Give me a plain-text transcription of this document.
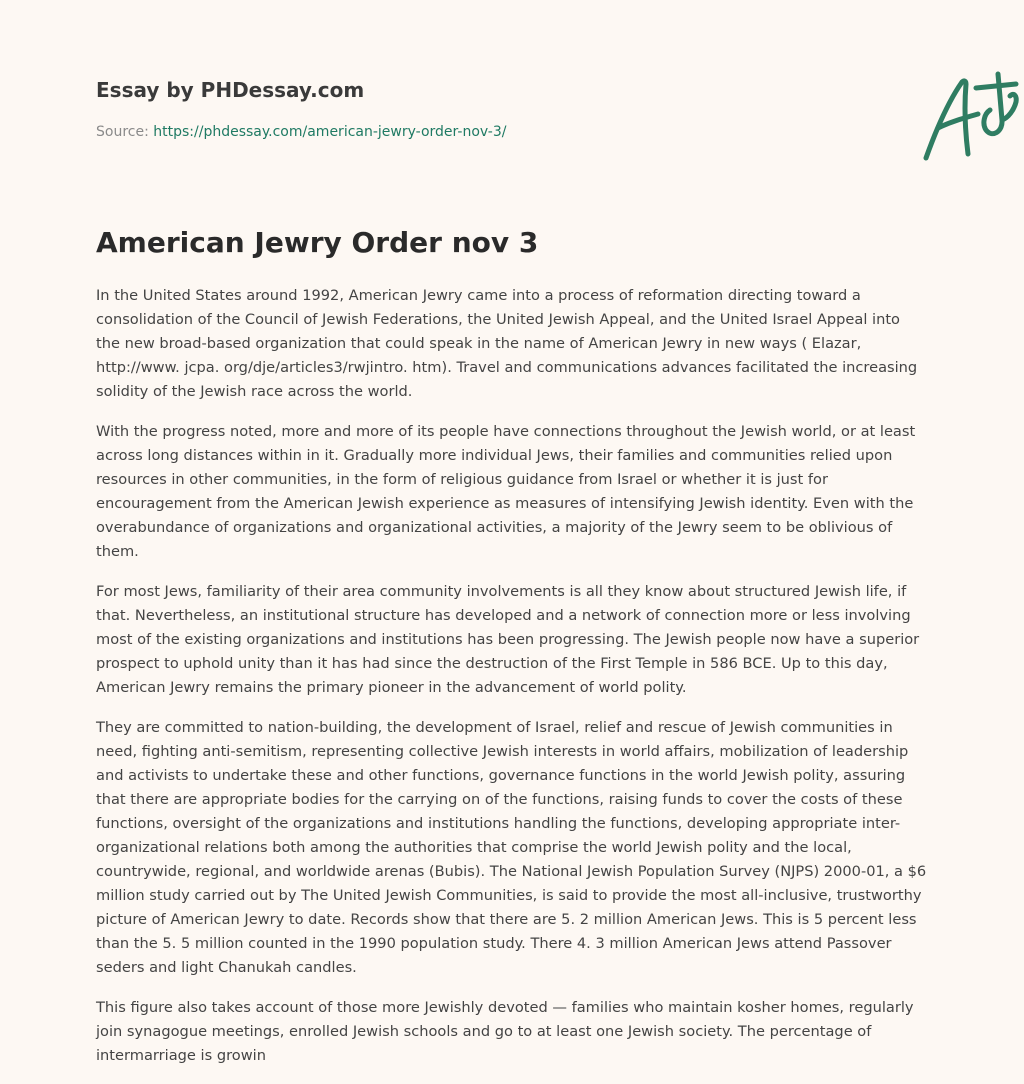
Essay by PHDessay.com
Source: https://phdessay.com/american-jewry-order-nov-3/
American Jewry Order nov 3

In the United States around 1992, American Jewry came into a process of reformation directing toward a consolidation of the Council of Jewish Federations, the United Jewish Appeal, and the United Israel Appeal into the new broad-based organization that could speak in the name of American Jewry in new ways ( Elazar, http://www. jcpa. org/dje/articles3/rwjintro. htm). Travel and communications advances facilitated the increasing solidity of the Jewish race across the world.

With the progress noted, more and more of its people have connections throughout the Jewish world, or at least across long distances within in it. Gradually more individual Jews, their families and communities relied upon resources in other communities, in the form of religious guidance from Israel or whether it is just for encouragement from the American Jewish experience as measures of intensifying Jewish identity. Even with the overabundance of organizations and organizational activities, a majority of the Jewry seem to be oblivious of them.

For most Jews, familiarity of their area community involvements is all they know about structured Jewish life, if that. Nevertheless, an institutional structure has developed and a network of connection more or less involving most of the existing organizations and institutions has been progressing. The Jewish people now have a superior prospect to uphold unity than it has had since the destruction of the First Temple in 586 BCE. Up to this day, American Jewry remains the primary pioneer in the advancement of world polity.

They are committed to nation-building, the development of Israel, relief and rescue of Jewish communities in need, fighting anti-semitism, representing collective Jewish interests in world affairs, mobilization of leadership and activists to undertake these and other functions, governance functions in the world Jewish polity, assuring that there are appropriate bodies for the carrying on of the functions, raising funds to cover the costs of these functions, oversight of the organizations and institutions handling the functions, developing appropriate inter-organizational relations both among the authorities that comprise the world Jewish polity and the local, countrywide, regional, and worldwide arenas (Bubis). The National Jewish Population Survey (NJPS) 2000-01, a $6 million study carried out by The United Jewish Communities, is said to provide the most all-inclusive, trustworthy picture of American Jewry to date. Records show that there are 5. 2 million American Jews. This is 5 percent less than the 5. 5 million counted in the 1990 population study. There 4. 3 million American Jews attend Passover seders and light Chanukah candles.

This figure also takes account of those more Jewishly devoted — families who maintain kosher homes, regularly join synagogue meetings, enrolled Jewish schools and go to at least one Jewish society. The percentage of intermarriage is growin
